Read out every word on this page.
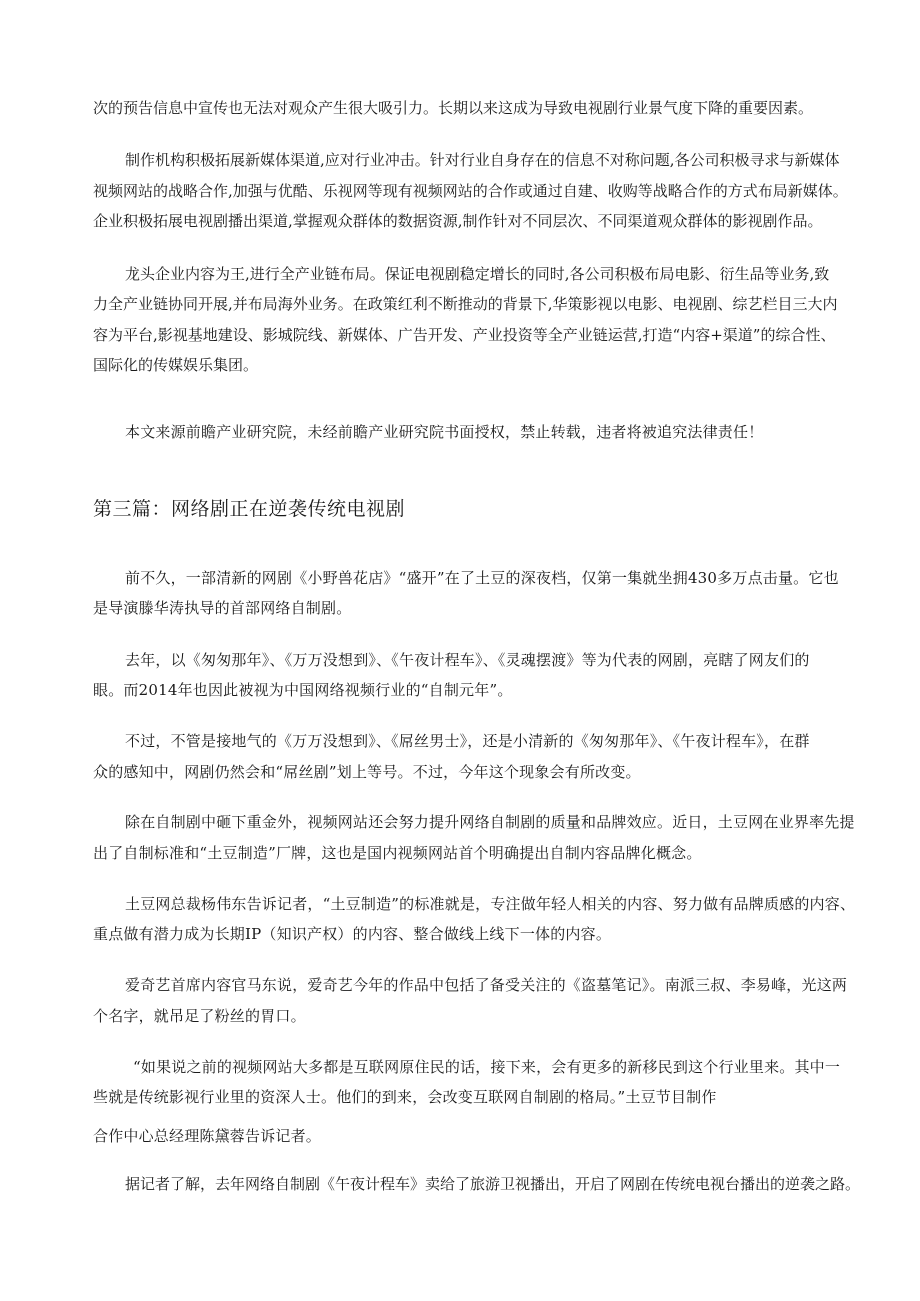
次的预告信息中宣传也无法对观众产生很大吸引力。长期以来这成为导致电视剧行业景气度下降的重要因素。
制作机构积极拓展新媒体渠道,应对行业冲击。针对行业自身存在的信息不对称问题,各公司积极寻求与新媒体
视频网站的战略合作,加强与优酷、乐视网等现有视频网站的合作或通过自建、收购等战略合作的方式布局新媒体。
企业积极拓展电视剧播出渠道,掌握观众群体的数据资源,制作针对不同层次、不同渠道观众群体的影视剧作品。
龙头企业内容为王,进行全产业链布局。保证电视剧稳定增长的同时,各公司积极布局电影、衍生品等业务,致
力全产业链协同开展,并布局海外业务。在政策红利不断推动的背景下,华策影视以电影、电视剧、综艺栏目三大内
容为平台,影视基地建设、影城院线、新媒体、广告开发、产业投资等全产业链运营,打造“内容+渠道”的综合性、
国际化的传媒娱乐集团。
本文来源前瞻产业研究院，未经前瞻产业研究院书面授权，禁止转载，违者将被追究法律责任！
第三篇：网络剧正在逆袭传统电视剧
前不久，一部清新的网剧《小野兽花店》“盛开”在了土豆的深夜档，仅第一集就坐拥430多万点击量。它也
是导演滕华涛执导的首部网络自制剧。
去年，以《匆匆那年》、《万万没想到》、《午夜计程车》、《灵魂摆渡》等为代表的网剧，亮瞎了网友们的
眼。而2014年也因此被视为中国网络视频行业的“自制元年”。
不过，不管是接地气的《万万没想到》、《屌丝男士》，还是小清新的《匆匆那年》、《午夜计程车》，在群
众的感知中，网剧仍然会和“屌丝剧”划上等号。不过，今年这个现象会有所改变。
除在自制剧中砸下重金外，视频网站还会努力提升网络自制剧的质量和品牌效应。近日，土豆网在业界率先提
出了自制标准和“土豆制造”厂牌，这也是国内视频网站首个明确提出自制内容品牌化概念。
土豆网总裁杨伟东告诉记者，“土豆制造”的标准就是，专注做年轻人相关的内容、努力做有品牌质感的内容、
重点做有潜力成为长期IP（知识产权）的内容、整合做线上线下一体的内容。
爱奇艺首席内容官马东说，爱奇艺今年的作品中包括了备受关注的《盗墓笔记》。南派三叔、李易峰，光这两
个名字，就吊足了粉丝的胃口。
“如果说之前的视频网站大多都是互联网原住民的话，接下来，会有更多的新移民到这个行业里来。其中一
些就是传统影视行业里的资深人士。他们的到来，会改变互联网自制剧的格局。”土豆节目制作
合作中心总经理陈黛蓉告诉记者。
据记者了解，去年网络自制剧《午夜计程车》卖给了旅游卫视播出，开启了网剧在传统电视台播出的逆袭之路。
